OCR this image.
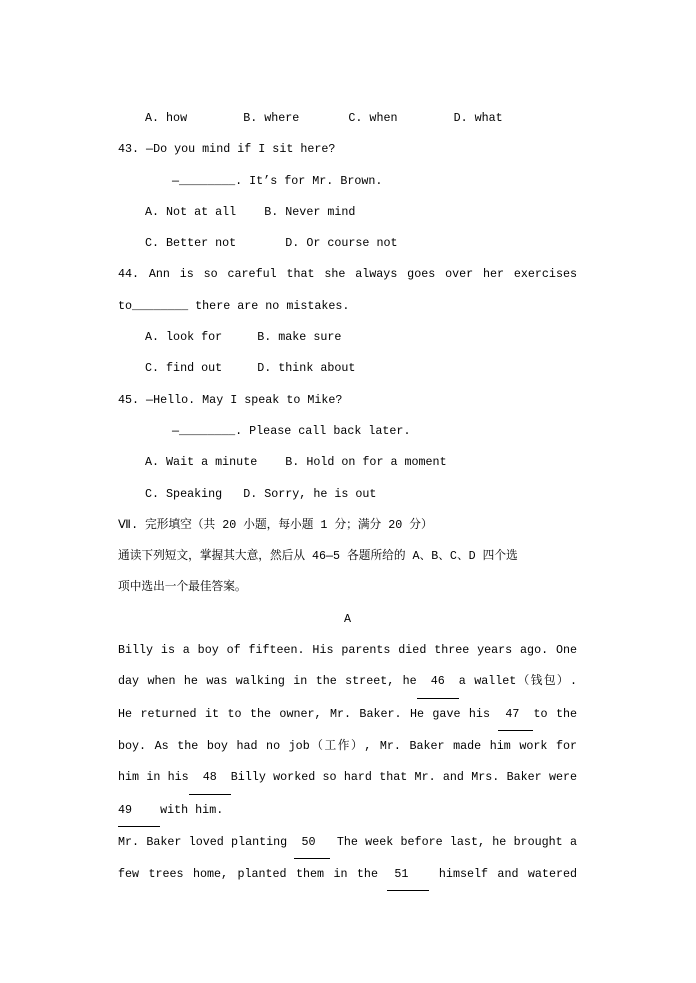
A. how        B. where       C. when        D. what
43. —Do you mind if I sit here?
—________. It’s for Mr. Brown.
A. Not at all    B. Never mind
C. Better not       D. Or course not
44. Ann is so careful that she always goes over her exercises
to________ there are no mistakes.
A. look for     B. make sure
C. find out     D. think about
45. —Hello. May I speak to Mike?
—________. Please call back later.
A. Wait a minute    B. Hold on for a moment
C. Speaking   D. Sorry, he is out
Ⅶ. 完形填空（共 20 小题，每小题 1 分；满分 20 分）
通读下列短文，掌握其大意，然后从 46—5 各题所给的 A、B、C、D 四个选
项中选出一个最佳答案。
A
Billy is a boy of fifteen. His parents died three years ago. One
day when he was walking in the street, he  46  a wallet（钱包）.
He returned it to the owner, Mr. Baker. He gave his  47  to the
boy. As the boy had no job（工作）, Mr. Baker made him work for
him in his  48  Billy worked so hard that Mr. and Mrs. Baker were
49    with him.
Mr. Baker loved planting  50   The week before last, he brought a
few trees home, planted them in the  51    himself and watered
